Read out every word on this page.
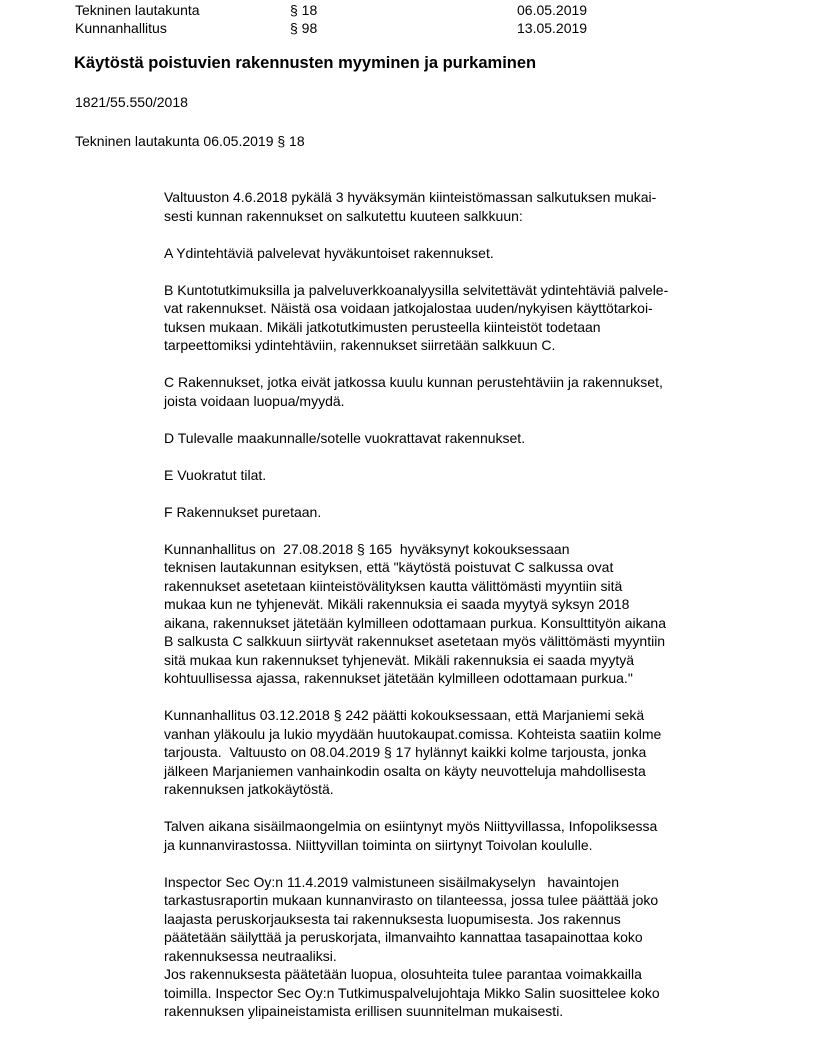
Tekninen lautakunta	§ 18	06.05.2019
Kunnanhallitus	§ 98	13.05.2019
Käytöstä poistuvien rakennusten myyminen ja purkaminen
1821/55.550/2018
Tekninen lautakunta 06.05.2019 § 18
Valtuuston 4.6.2018 pykälä 3 hyväksymän kiinteistömassan salkutuksen mukai-
sesti kunnan rakennukset on salkutettu kuuteen salkkuun:
A Ydintehtäviä palvelevat hyväkuntoiset rakennukset.
B Kuntotutkimuksilla ja palveluverkkoanalyysilla selvitettävät ydintehtäviä palvele-
vat rakennukset. Näistä osa voidaan jatkojalostaa uuden/nykyisen käyttötarkoi-
tuksen mukaan. Mikäli jatkotutkimusten perusteella kiinteistöt todetaan
tarpeettomiksi ydintehtäviin, rakennukset siirretään salkkuun C.
C Rakennukset, jotka eivät jatkossa kuulu kunnan perustehtäviin ja rakennukset,
joista voidaan luopua/myydä.
D Tulevalle maakunnalle/sotelle vuokrattavat rakennukset.
E Vuokratut tilat.
F Rakennukset puretaan.
Kunnanhallitus on  27.08.2018 § 165  hyväksynyt kokouksessaan
teknisen lautakunnan esityksen, että "käytöstä poistuvat C salkussa ovat
rakennukset asetetaan kiinteistövälityksen kautta välittömästi myyntiin sitä
mukaa kun ne tyhjenevät. Mikäli rakennuksia ei saada myytyä syksyn 2018
aikana, rakennukset jätetään kylmilleen odottamaan purkua. Konsulttityön aikana
B salkusta C salkkuun siirtyvät rakennukset asetetaan myös välittömästi myyntiin
sitä mukaa kun rakennukset tyhjenevät. Mikäli rakennuksia ei saada myytyä
kohtuullisessa ajassa, rakennukset jätetään kylmilleen odottamaan purkua."
Kunnanhallitus 03.12.2018 § 242 päätti kokouksessaan, että Marjaniemi sekä
vanhan yläkoulu ja lukio myydään huutokaupat.comissa. Kohteista saatiin kolme
tarjousta.  Valtuusto on 08.04.2019 § 17 hylännyt kaikki kolme tarjousta, jonka
jälkeen Marjaniemen vanhainkodin osalta on käyty neuvotteluja mahdollisesta
rakennuksen jatkokäytöstä.
Talven aikana sisäilmaongelmia on esiintynyt myös Niittyvillassa, Infopoliksessa
ja kunnanvirastossa. Niittyvillan toiminta on siirtynyt Toivolan koululle.
Inspector Sec Oy:n 11.4.2019 valmistuneen sisäilmakyselyn   havaintojen
tarkastusraportin mukaan kunnanvirasto on tilanteessa, jossa tulee päättää joko
laajasta peruskorjauksesta tai rakennuksesta luopumisesta. Jos rakennus
päätetään säilyttää ja peruskorjata, ilmanvaihto kannattaa tasapainottaa koko
rakennuksessa neutraaliksi.
Jos rakennuksesta päätetään luopua, olosuhteita tulee parantaa voimakkailla
toimilla. Inspector Sec Oy:n Tutkimuspalvelujohtaja Mikko Salin suosittelee koko
rakennuksen ylipaineistamista erillisen suunnitelman mukaisesti.
